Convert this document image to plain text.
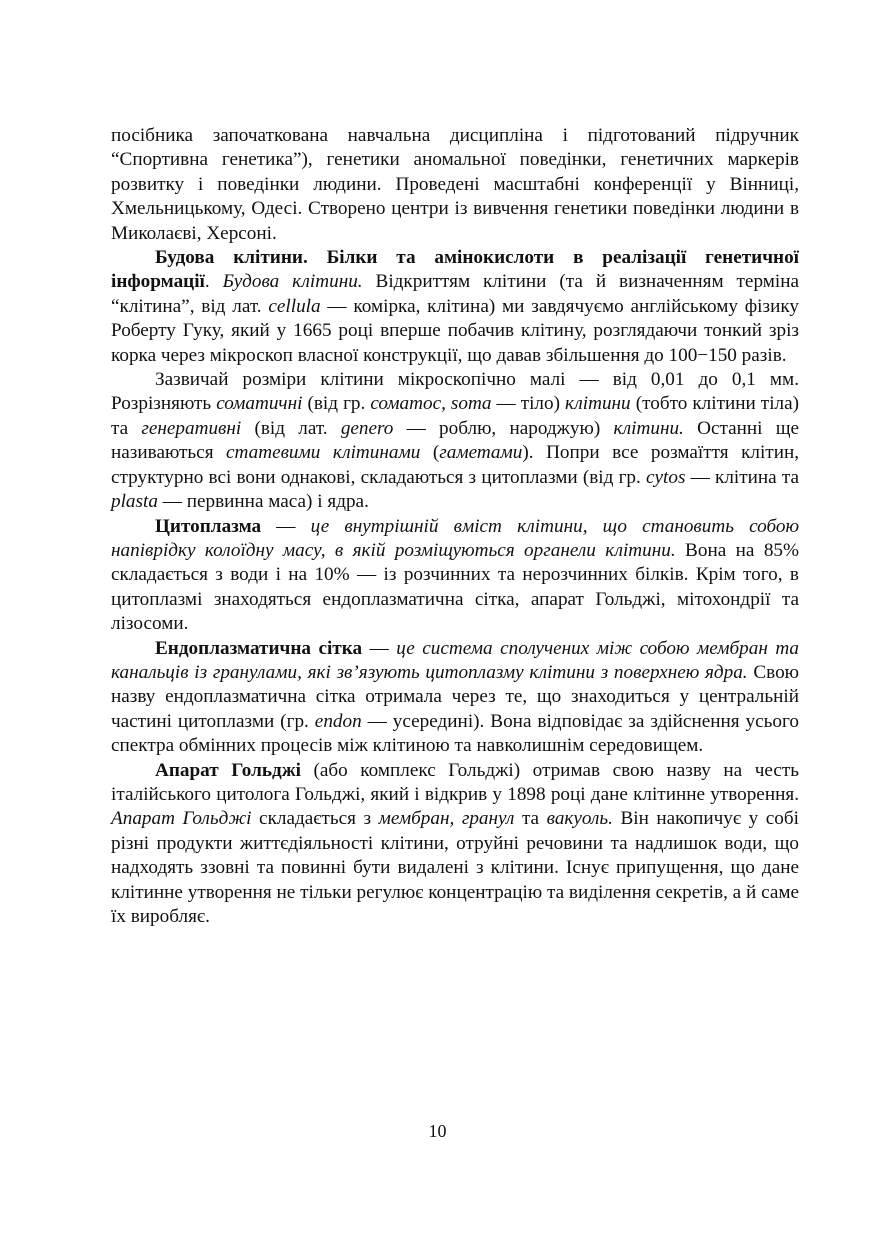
посібника започаткована навчальна дисципліна і підготований підручник “Спортивна генетика”), генетики аномальної поведінки, генетичних маркерів розвитку і поведінки людини. Проведені масштабні конференції у Вінниці, Хмельницькому, Одесі. Створено центри із вивчення генетики поведінки людини в Миколаєві, Херсоні.

Будова клітини. Білки та амінокислоти в реалізації генетичної інформації. Будова клітини. Відкриттям клітини (та й визначенням терміна “клітина”, від лат. cellula — комірка, клітина) ми завдячуємо англійському фізику Роберту Гуку, який у 1665 році вперше побачив клітину, розглядаючи тонкий зріз корка через мікроскоп власної конструкції, що давав збільшення до 100−150 разів.

Зазвичай розміри клітини мікроскопічно малі — від 0,01 до 0,1 мм. Розрізняють соматичні (від гр. соматос, soma — тіло) клітини (тобто клітини тіла) та генеративні (від лат. genero — роблю, народжую) клітини. Останні ще називаються статевими клітинами (гаметами). Попри все розмаїття клітин, структурно всі вони однакові, складаються з цитоплазми (від гр. cytos — клітина та plasta — первинна маса) і ядра.

Цитоплазма — це внутрішній вміст клітини, що становить собою напіврідку колоїдну масу, в якій розміщуються органели клітини. Вона на 85% складається з води і на 10% — із розчинних та нерозчинних білків. Крім того, в цитоплазмі знаходяться ендоплазматична сітка, апарат Гольджі, мітохондрії та лізосоми.

Ендоплазматична сітка — це система сполучених між собою мембран та канальців із гранулами, які зв’язують цитоплазму клітини з поверхнею ядра. Свою назву ендоплазматична сітка отримала через те, що знаходиться у центральній частині цитоплазми (гр. endon — усередині). Вона відповідає за здійснення усього спектра обмінних процесів між клітиною та навколишнім середовищем.

Апарат Гольджі (або комплекс Гольджі) отримав свою назву на честь італійського цитолога Гольджі, який і відкрив у 1898 році дане клітинне утворення. Апарат Гольджі складається з мембран, гранул та вакуоль. Він накопичує у собі різні продукти життєдіяльності клітини, отруйні речовини та надлишок води, що надходять ззовні та повинні бути видалені з клітини. Існує припущення, що дане клітинне утворення не тільки регулює концентрацію та виділення секретів, а й саме їх виробляє.

10
